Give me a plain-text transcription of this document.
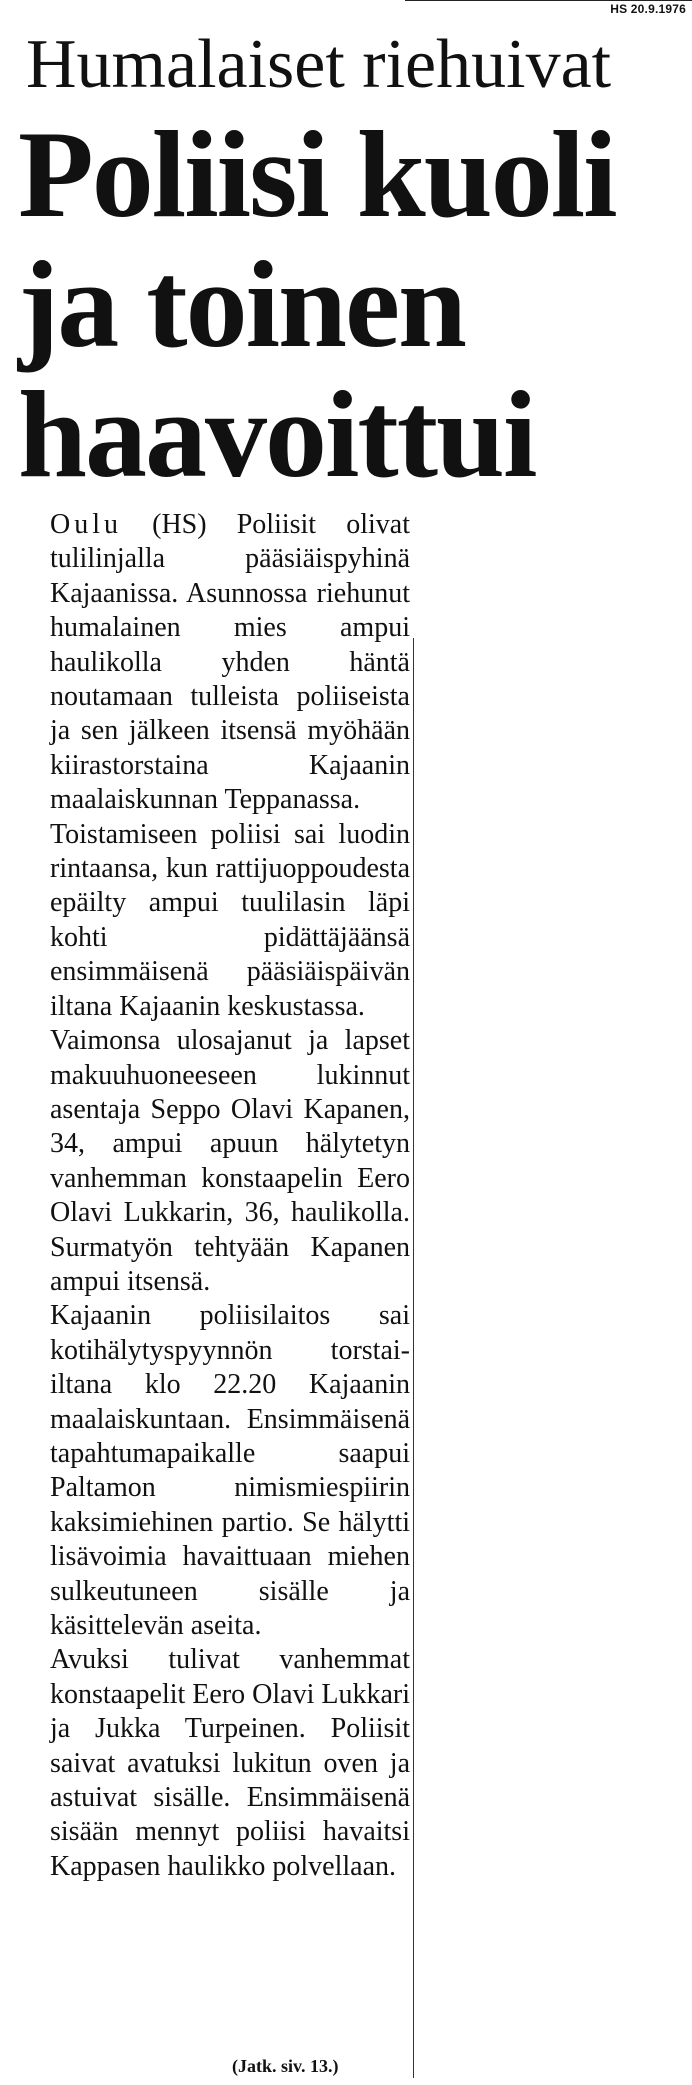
HS 20.9.1976
Humalaiset riehuivat
Poliisi kuoli
ja toinen
haavoittui

Oulu (HS) Poliisit olivat tulilinjalla pääsiäispyhinä Kajaanissa. Asunnossa riehunut humalainen mies ampui haulikolla yhden häntä noutamaan tulleista poliiseista ja sen jälkeen itsensä myöhään kiirastorstaina Kajaanin maalaiskunnan Teppanassa.

Toistamiseen poliisi sai luodin rintaansa, kun rattijuoppoudesta epäilty ampui tuulilasin läpi kohti pidättäjäänsä ensimmäisenä pääsiäispäivän iltana Kajaanin keskustassa.

Vaimonsa ulosajanut ja lapset makuuhuoneeseen lukinnut asentaja Seppo Olavi Kapanen, 34, ampui apuun hälytetyn vanhemman konstaapelin Eero Olavi Lukkarin, 36, haulikolla. Surmatyön tehtyään Kapanen ampui itsensä.

Kajaanin poliisilaitos sai kotihälytyspyynnön torstai-iltana klo 22.20 Kajaanin maalaiskuntaan. Ensimmäisenä tapahtumapaikalle saapui Paltamon nimismiespiirin kaksimiehinen partio. Se hälytti lisävoimia havaittuaan miehen sulkeutuneen sisälle ja käsittelevän aseita.

Avuksi tulivat vanhemmat konstaapelit Eero Olavi Lukkari ja Jukka Turpeinen. Poliisit saivat avatuksi lukitun oven ja astuivat sisälle. Ensimmäisenä sisään mennyt poliisi havaitsi Kappasen haulikko polvellaan.

(Jatk. siv. 13.)
